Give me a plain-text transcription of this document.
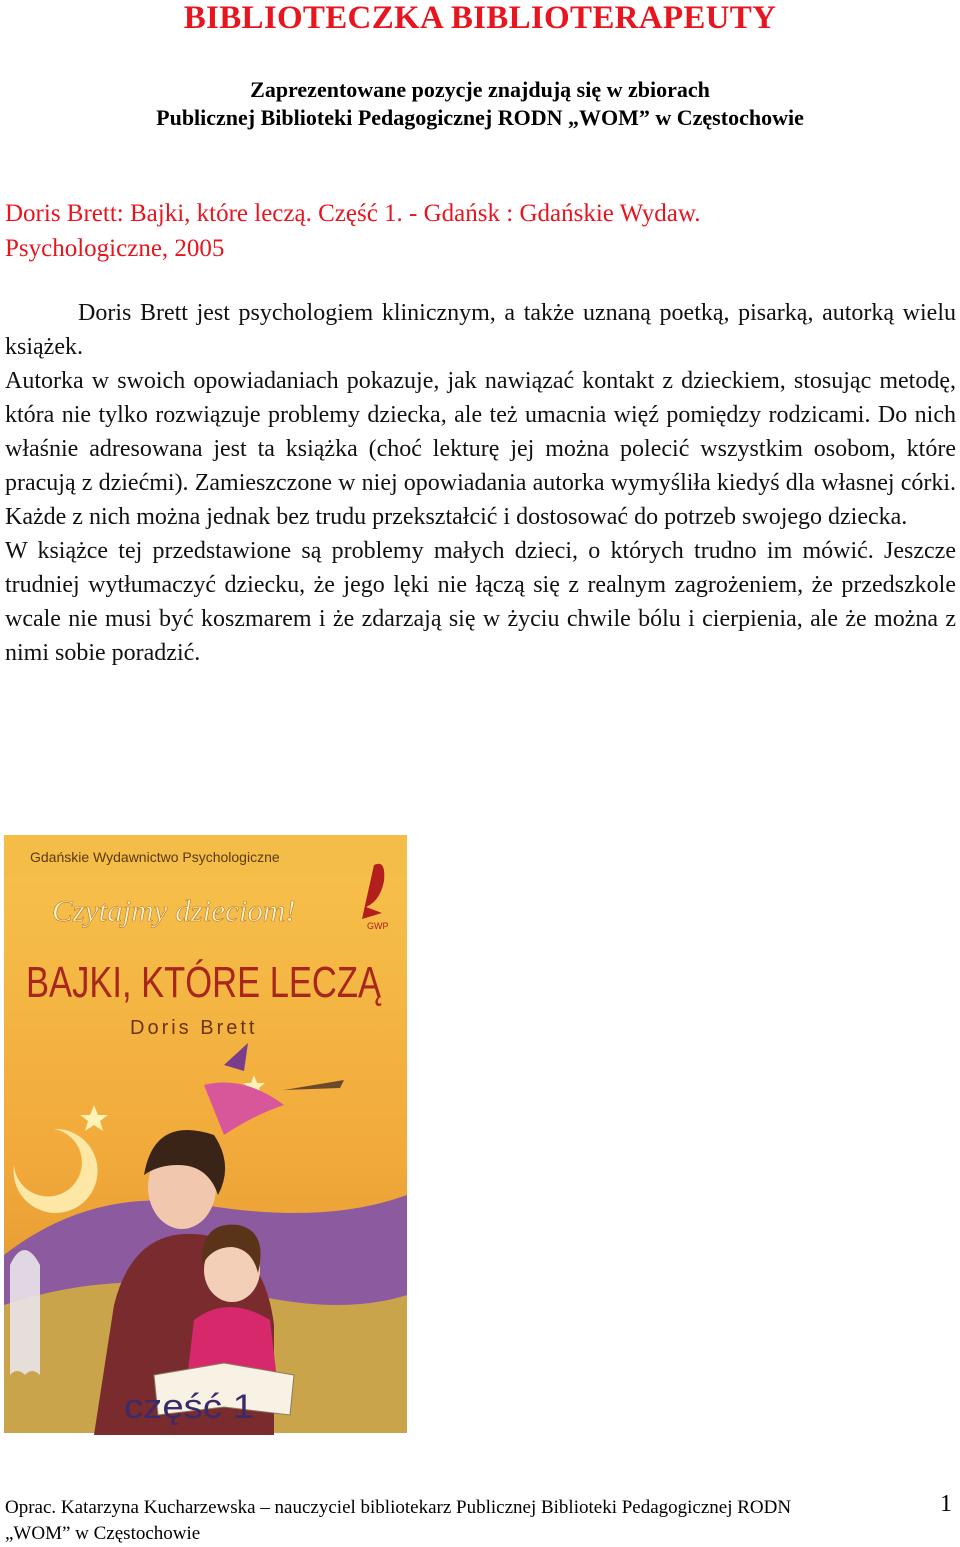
BIBLIOTECZKA BIBLIOTERAPEUTY
Zaprezentowane pozycje znajdują się w zbiorach
Publicznej Biblioteki Pedagogicznej RODN „WOM” w Częstochowie
Doris Brett: Bajki, które leczą. Część 1. - Gdańsk : Gdańskie Wydaw.
Psychologiczne, 2005

Doris Brett jest psychologiem klinicznym, a także uznaną poetką, pisarką, autorką wielu książek.

Autorka w swoich opowiadaniach pokazuje, jak nawiązać kontakt z dzieckiem, stosując metodę, która nie tylko rozwiązuje problemy dziecka, ale też umacnia więź pomiędzy rodzicami. Do nich właśnie adresowana jest ta książka (choć lekturę jej można polecić wszystkim osobom, które pracują z dziećmi). Zamieszczone w niej opowiadania autorka wymyśliła kiedyś dla własnej córki. Każde z nich można jednak bez trudu przekształcić i dostosować do potrzeb swojego dziecka.

W książce tej przedstawione są problemy małych dzieci, o których trudno im mówić. Jeszcze trudniej wytłumaczyć dziecku, że jego lęki nie łączą się z realnym zagrożeniem, że przedszkole wcale nie musi być koszmarem i że zdarzają się w życiu chwile bólu i cierpienia, ale że można z nimi sobie poradzić.

Gdańskie Wydawnictwo Psychologiczne
GWP
Czytajmy dzieciom!
BAJKI, KTÓRE LECZĄ
Doris Brett
część 1
Oprac. Katarzyna Kucharzewska – nauczyciel bibliotekarz Publicznej Biblioteki Pedagogicznej RODN
„WOM” w Częstochowie
1
